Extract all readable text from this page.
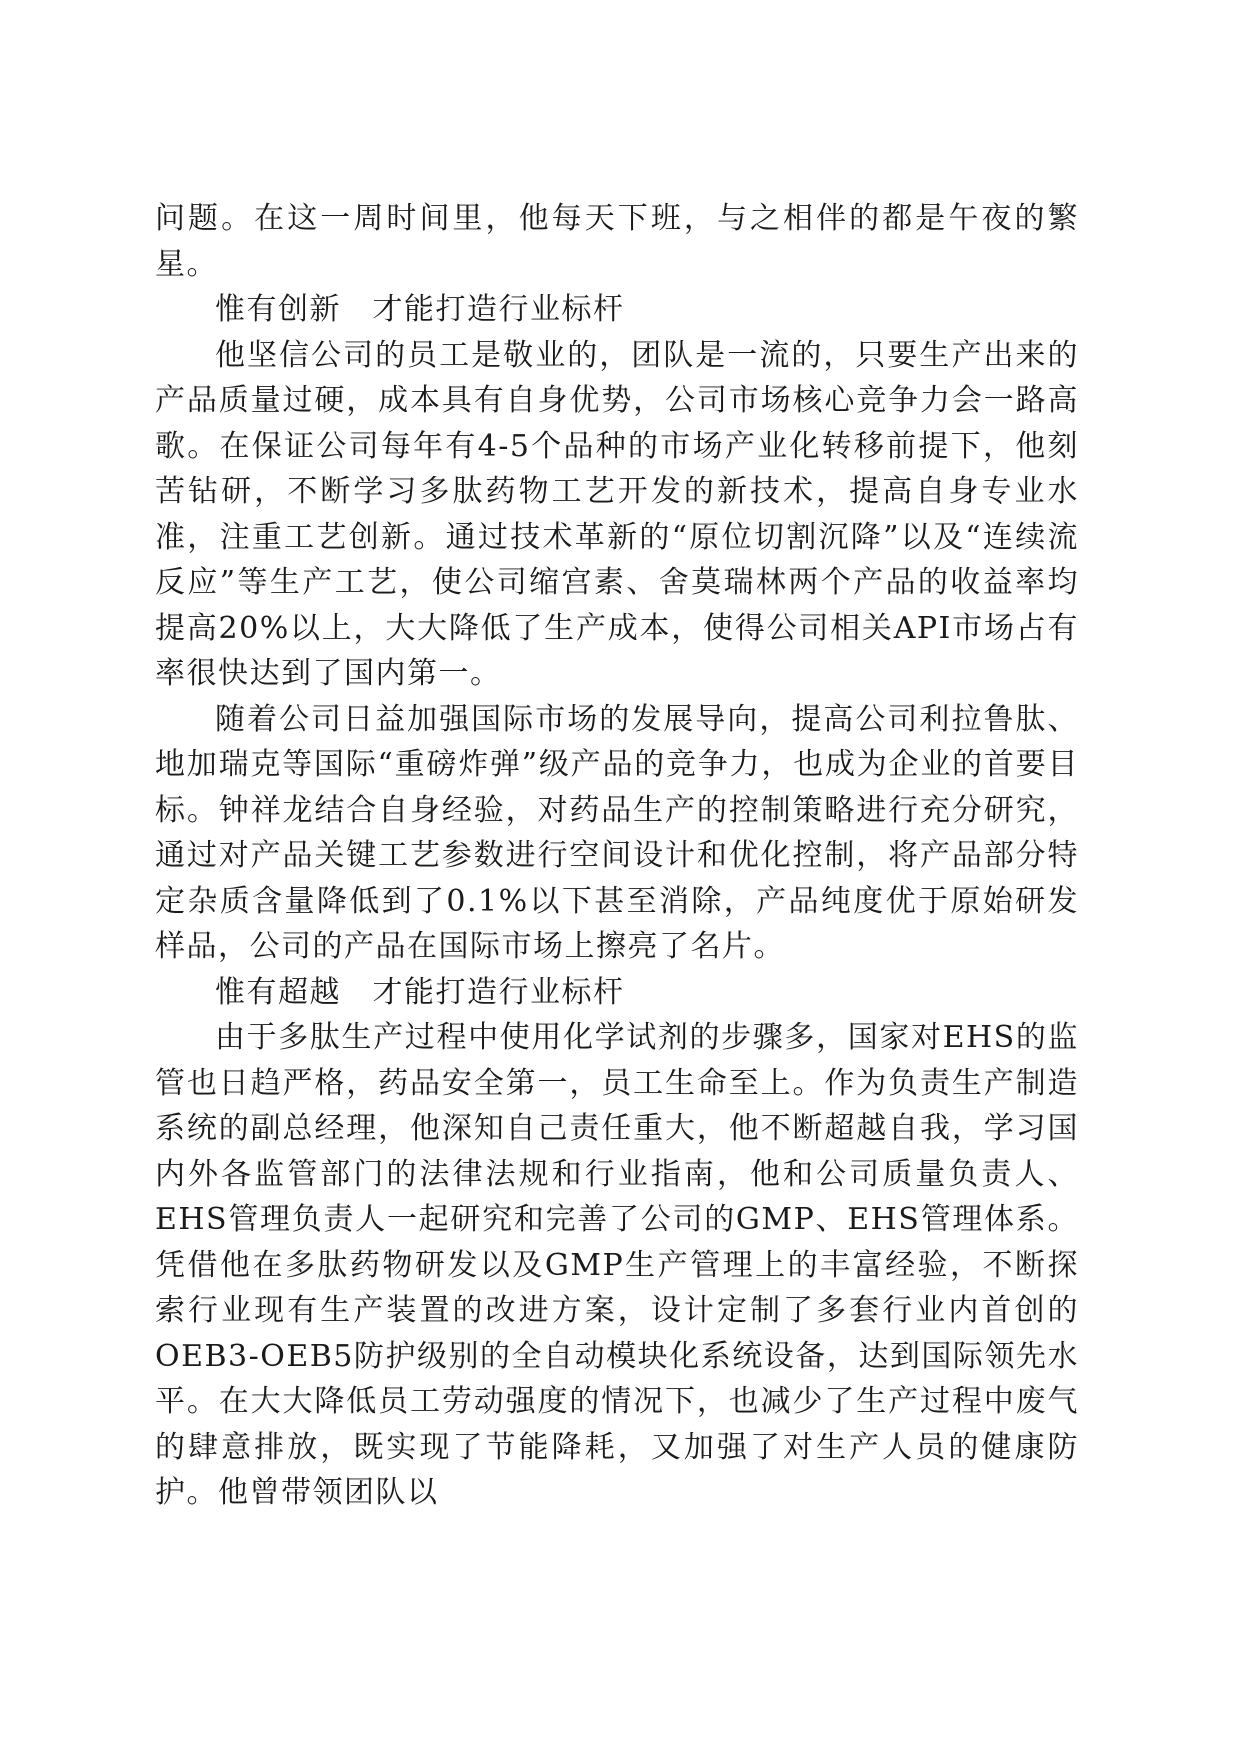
问题。在这一周时间里，他每天下班，与之相伴的都是午夜的繁星。

惟有创新　才能打造行业标杆

他坚信公司的员工是敬业的，团队是一流的，只要生产出来的产品质量过硬，成本具有自身优势，公司市场核心竞争力会一路高歌。在保证公司每年有4-5个品种的市场产业化转移前提下，他刻苦钻研，不断学习多肽药物工艺开发的新技术，提高自身专业水准，注重工艺创新。通过技术革新的“原位切割沉降”以及“连续流反应”等生产工艺，使公司缩宫素、舍莫瑞林两个产品的收益率均提高20%以上，大大降低了生产成本，使得公司相关API市场占有率很快达到了国内第一。

随着公司日益加强国际市场的发展导向，提高公司利拉鲁肽、地加瑞克等国际“重磅炸弹”级产品的竞争力，也成为企业的首要目标。钟祥龙结合自身经验，对药品生产的控制策略进行充分研究，通过对产品关键工艺参数进行空间设计和优化控制，将产品部分特定杂质含量降低到了0.1%以下甚至消除，产品纯度优于原始研发样品，公司的产品在国际市场上擦亮了名片。

惟有超越　才能打造行业标杆

由于多肽生产过程中使用化学试剂的步骤多，国家对EHS的监管也日趋严格，药品安全第一，员工生命至上。作为负责生产制造系统的副总经理，他深知自己责任重大，他不断超越自我，学习国内外各监管部门的法律法规和行业指南，他和公司质量负责人、EHS管理负责人一起研究和完善了公司的GMP、EHS管理体系。凭借他在多肽药物研发以及GMP生产管理上的丰富经验，不断探索行业现有生产装置的改进方案，设计定制了多套行业内首创的OEB3-OEB5防护级别的全自动模块化系统设备，达到国际领先水平。在大大降低员工劳动强度的情况下，也减少了生产过程中废气的肆意排放，既实现了节能降耗，又加强了对生产人员的健康防护。他曾带领团队以
